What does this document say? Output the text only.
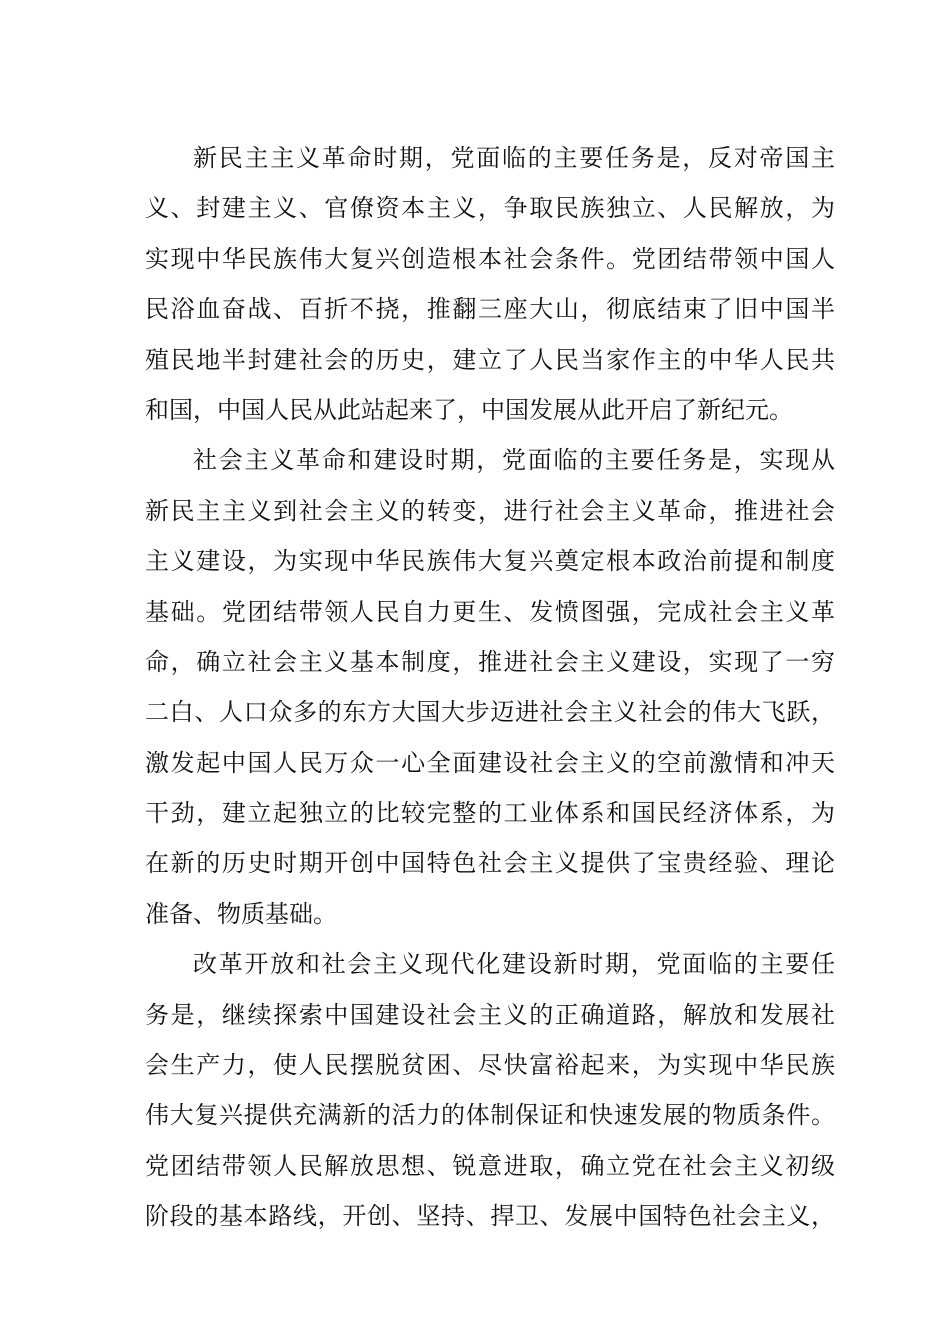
新民主主义革命时期，党面临的主要任务是，反对帝国主
义、封建主义、官僚资本主义，争取民族独立、人民解放，为
实现中华民族伟大复兴创造根本社会条件。党团结带领中国人
民浴血奋战、百折不挠，推翻三座大山，彻底结束了旧中国半
殖民地半封建社会的历史，建立了人民当家作主的中华人民共
和国，中国人民从此站起来了，中国发展从此开启了新纪元。
社会主义革命和建设时期，党面临的主要任务是，实现从
新民主主义到社会主义的转变，进行社会主义革命，推进社会
主义建设，为实现中华民族伟大复兴奠定根本政治前提和制度
基础。党团结带领人民自力更生、发愤图强，完成社会主义革
命，确立社会主义基本制度，推进社会主义建设，实现了一穷
二白、人口众多的东方大国大步迈进社会主义社会的伟大飞跃，
激发起中国人民万众一心全面建设社会主义的空前激情和冲天
干劲，建立起独立的比较完整的工业体系和国民经济体系，为
在新的历史时期开创中国特色社会主义提供了宝贵经验、理论
准备、物质基础。
改革开放和社会主义现代化建设新时期，党面临的主要任
务是，继续探索中国建设社会主义的正确道路，解放和发展社
会生产力，使人民摆脱贫困、尽快富裕起来，为实现中华民族
伟大复兴提供充满新的活力的体制保证和快速发展的物质条件。
党团结带领人民解放思想、锐意进取，确立党在社会主义初级
阶段的基本路线，开创、坚持、捍卫、发展中国特色社会主义，
